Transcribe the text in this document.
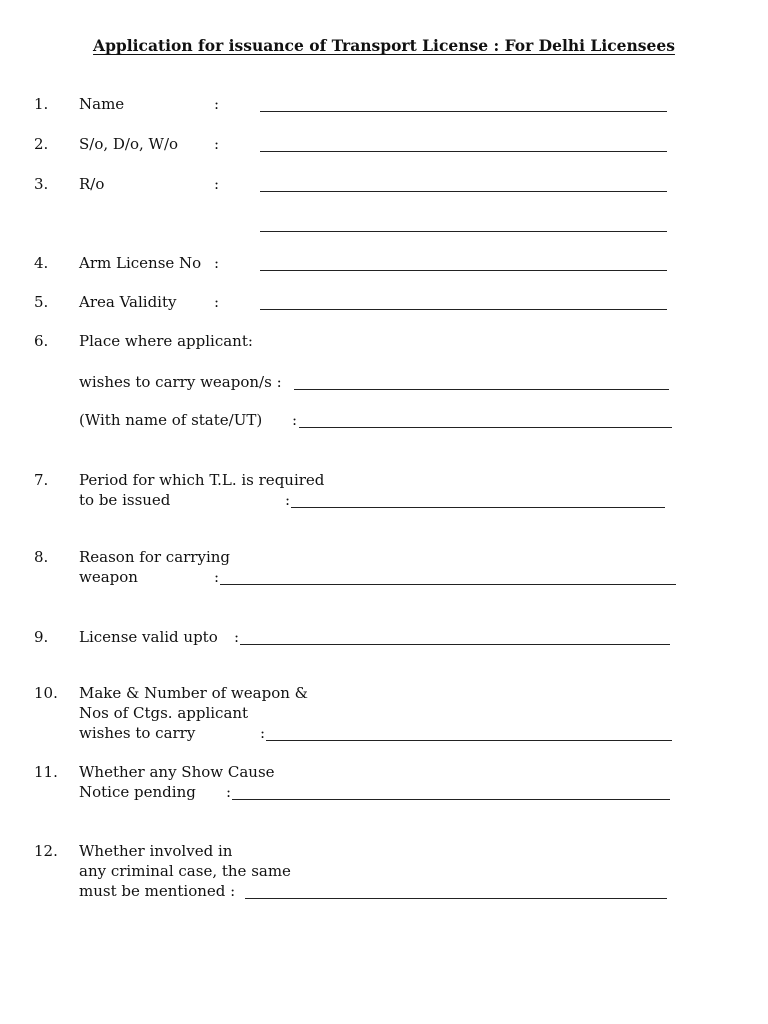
Application for issuance of Transport License : For Delhi Licensees
1. Name	:
2. S/o, D/o, W/o :
3. R/o	:
4. Arm License No :
5. Area Validity	:
6. Place where applicant:
wishes to carry weapon/s :
(With name of state/UT) :
7. Period for which T.L. is required
to be issued	:
8. Reason for carrying
weapon	:
9. License valid upto :
10. Make & Number of weapon &
Nos of Ctgs. applicant
wishes to carry	:
11. Whether any Show Cause
Notice pending :
12. Whether involved in
any criminal case, the same
must be mentioned :
